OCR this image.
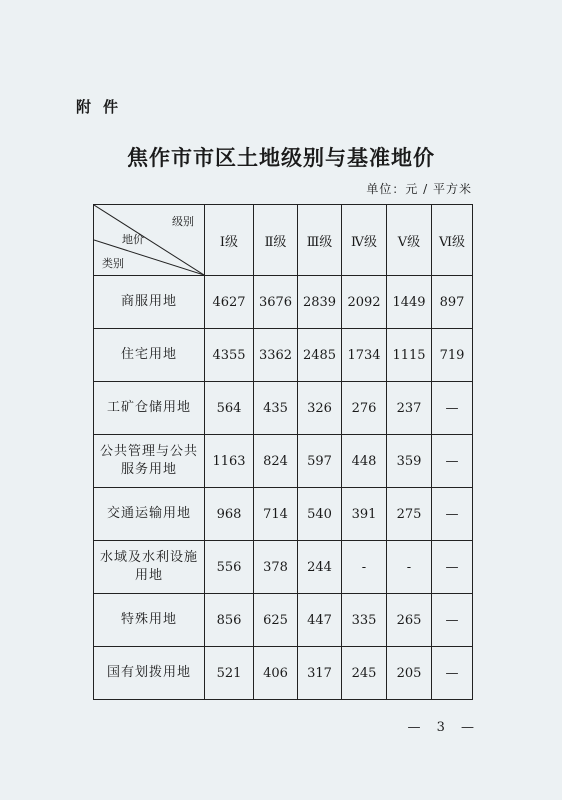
附件
焦作市市区土地级别与基准地价
单位：元 / 平方米
级别
地价
类别	Ⅰ级	Ⅱ级	Ⅲ级	Ⅳ级	Ⅴ级	Ⅵ级
商服用地	4627	3676	2839	2092	1449	897
住宅用地	4355	3362	2485	1734	1115	719
工矿仓储用地	564	435	326	276	237	—
公共管理与公共服务用地	1163	824	597	448	359	—
交通运输用地	968	714	540	391	275	—
水域及水利设施用地	556	378	244	-	-	—
特殊用地	856	625	447	335	265	—
国有划拨用地	521	406	317	245	205	—
— 3 —
